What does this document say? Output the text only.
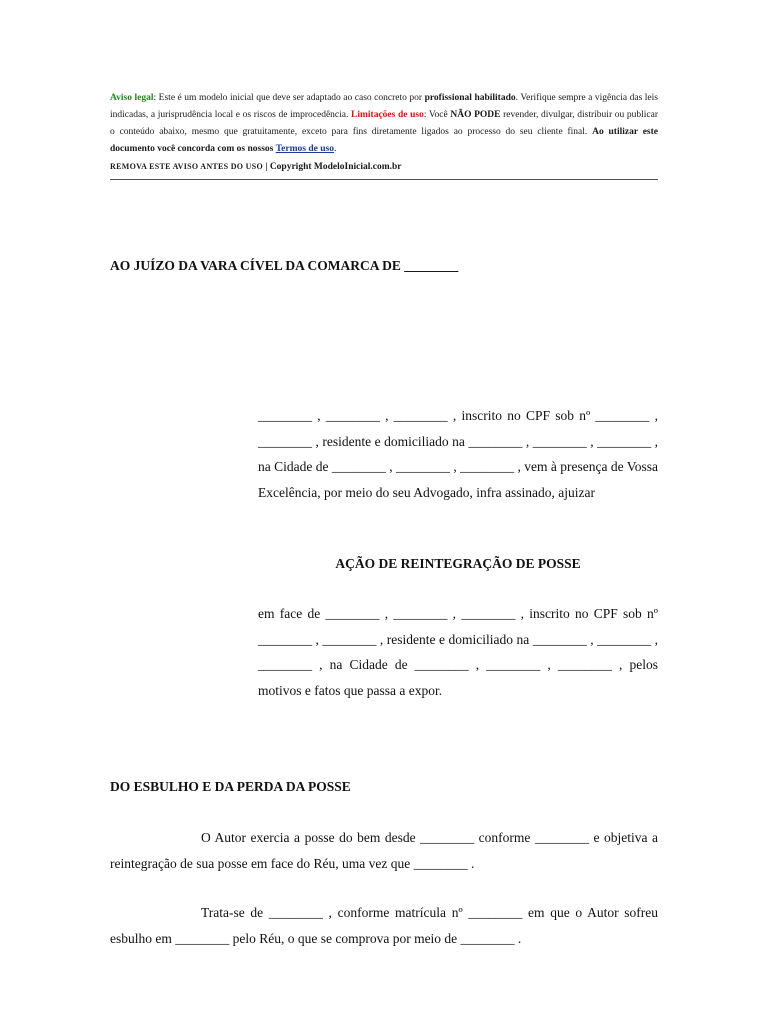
Aviso legal: Este é um modelo inicial que deve ser adaptado ao caso concreto por profissional habilitado. Verifique sempre a vigência das leis indicadas, a jurisprudência local e os riscos de improcedência. Limitações de uso: Você NÃO PODE revender, divulgar, distribuir ou publicar o conteúdo abaixo, mesmo que gratuitamente, exceto para fins diretamente ligados ao processo do seu cliente final. Ao utilizar este documento você concorda com os nossos Termos de uso.
REMOVA ESTE AVISO ANTES DO USO | Copyright ModeloInicial.com.br
AO JUÍZO DA VARA CÍVEL DA COMARCA DE ________
________ , ________ , ________ , inscrito no CPF sob nº ________ , ________ , residente e domiciliado na ________ , ________ , ________ , na Cidade de ________ , ________ , ________ , vem à presença de Vossa Excelência, por meio do seu Advogado, infra assinado, ajuizar
AÇÃO DE REINTEGRAÇÃO DE POSSE
em face de ________ , ________ , ________ , inscrito no CPF sob nº ________ , ________ , residente e domiciliado na ________ , ________ , ________ , na Cidade de ________ , ________ , ________ , pelos motivos e fatos que passa a expor.
DO ESBULHO E DA PERDA DA POSSE
O Autor exercia a posse do bem desde ________ conforme ________ e objetiva a reintegração de sua posse em face do Réu, uma vez que ________ .
Trata-se de ________ , conforme matrícula nº ________ em que o Autor sofreu esbulho em ________ pelo Réu, o que se comprova por meio de ________ .
